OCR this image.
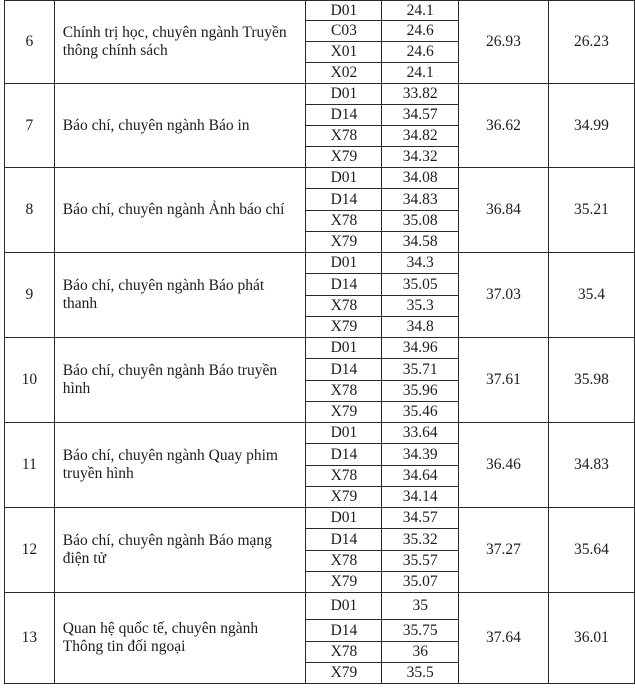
6	Chính trị học, chuyên ngành Truyền thông chính sách	D01	24.1	26.93	26.23
		C03	24.6		
		X01	24.6		
		X02	24.1		
7	Báo chí, chuyên ngành Báo in	D01	33.82	36.62	34.99
		D14	34.57		
		X78	34.82		
		X79	34.32		
8	Báo chí, chuyên ngành Ảnh báo chí	D01	34.08	36.84	35.21
		D14	34.83		
		X78	35.08		
		X79	34.58		
9	Báo chí, chuyên ngành Báo phát thanh	D01	34.3	37.03	35.4
		D14	35.05		
		X78	35.3		
		X79	34.8		
10	Báo chí, chuyên ngành Báo truyền hình	D01	34.96	37.61	35.98
		D14	35.71		
		X78	35.96		
		X79	35.46		
11	Báo chí, chuyên ngành Quay phim truyền hình	D01	33.64	36.46	34.83
		D14	34.39		
		X78	34.64		
		X79	34.14		
12	Báo chí, chuyên ngành Báo mạng điện tử	D01	34.57	37.27	35.64
		D14	35.32		
		X78	35.57		
		X79	35.07		
13	Quan hệ quốc tế, chuyên ngành Thông tin đối ngoại	D01	35	37.64	36.01
		D14	35.75		
		X78	36		
		X79	35.5		
